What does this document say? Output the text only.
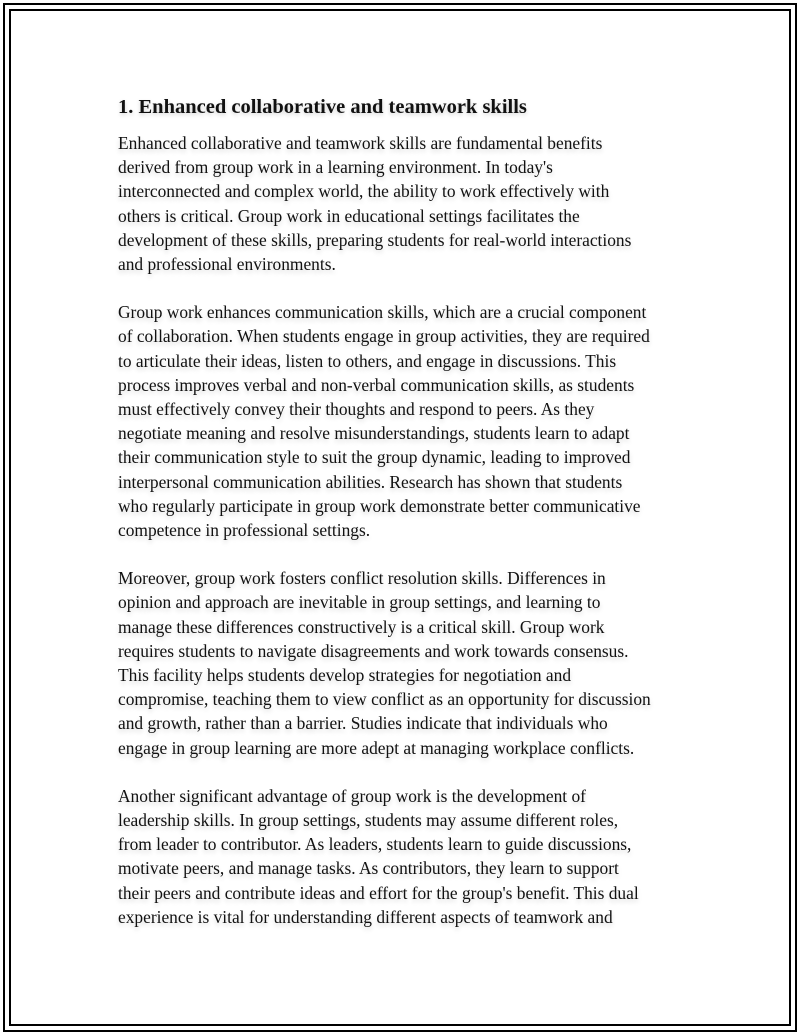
1. Enhanced collaborative and teamwork skills

Enhanced collaborative and teamwork skills are fundamental benefits
derived from group work in a learning environment. In today's
interconnected and complex world, the ability to work effectively with
others is critical. Group work in educational settings facilitates the
development of these skills, preparing students for real-world interactions
and professional environments.

Group work enhances communication skills, which are a crucial component
of collaboration. When students engage in group activities, they are required
to articulate their ideas, listen to others, and engage in discussions. This
process improves verbal and non-verbal communication skills, as students
must effectively convey their thoughts and respond to peers. As they
negotiate meaning and resolve misunderstandings, students learn to adapt
their communication style to suit the group dynamic, leading to improved
interpersonal communication abilities. Research has shown that students
who regularly participate in group work demonstrate better communicative
competence in professional settings.

Moreover, group work fosters conflict resolution skills. Differences in
opinion and approach are inevitable in group settings, and learning to
manage these differences constructively is a critical skill. Group work
requires students to navigate disagreements and work towards consensus.
This facility helps students develop strategies for negotiation and
compromise, teaching them to view conflict as an opportunity for discussion
and growth, rather than a barrier. Studies indicate that individuals who
engage in group learning are more adept at managing workplace conflicts.

Another significant advantage of group work is the development of
leadership skills. In group settings, students may assume different roles,
from leader to contributor. As leaders, students learn to guide discussions,
motivate peers, and manage tasks. As contributors, they learn to support
their peers and contribute ideas and effort for the group's benefit. This dual
experience is vital for understanding different aspects of teamwork and
